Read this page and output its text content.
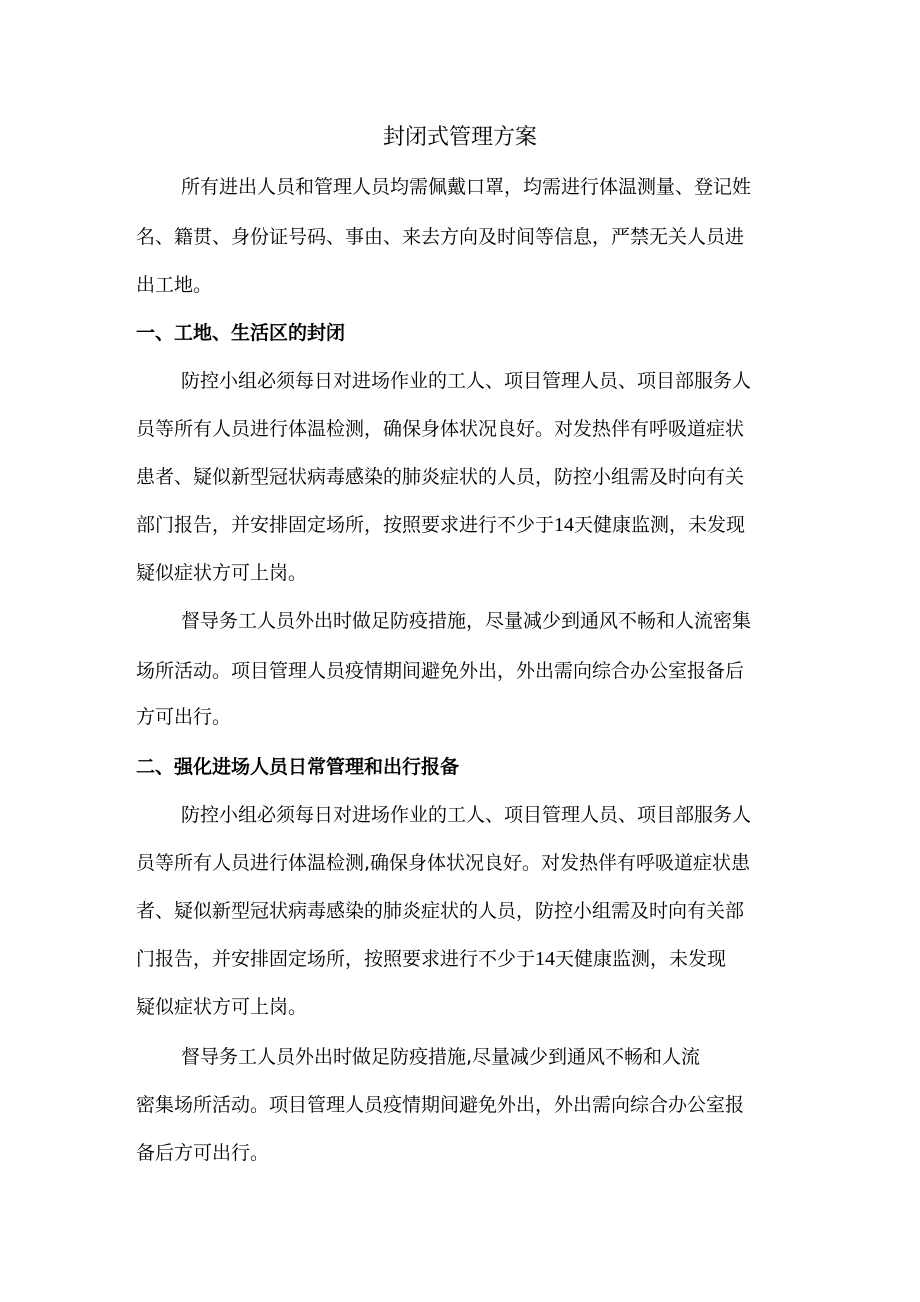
封闭式管理方案

所有进出人员和管理人员均需佩戴口罩，均需进行体温测量、登记姓

名、籍贯、身份证号码、事由、来去方向及时间等信息，严禁无关人员进

出工地。

一、工地、生活区的封闭

防控小组必须每日对进场作业的工人、项目管理人员、项目部服务人

员等所有人员进行体温检测，确保身体状况良好。对发热伴有呼吸道症状

患者、疑似新型冠状病毒感染的肺炎症状的人员，防控小组需及时向有关

部门报告，并安排固定场所，按照要求进行不少于14天健康监测，未发现

疑似症状方可上岗。

督导务工人员外出时做足防疫措施，尽量减少到通风不畅和人流密集

场所活动。项目管理人员疫情期间避免外出，外出需向综合办公室报备后

方可出行。

二、强化进场人员日常管理和出行报备

防控小组必须每日对进场作业的工人、项目管理人员、项目部服务人

员等所有人员进行体温检测,确保身体状况良好。对发热伴有呼吸道症状患

者、疑似新型冠状病毒感染的肺炎症状的人员，防控小组需及时向有关部

门报告，并安排固定场所，按照要求进行不少于14天健康监测，未发现

疑似症状方可上岗。

督导务工人员外出时做足防疫措施,尽量减少到通风不畅和人流

密集场所活动。项目管理人员疫情期间避免外出，外出需向综合办公室报

备后方可出行。
